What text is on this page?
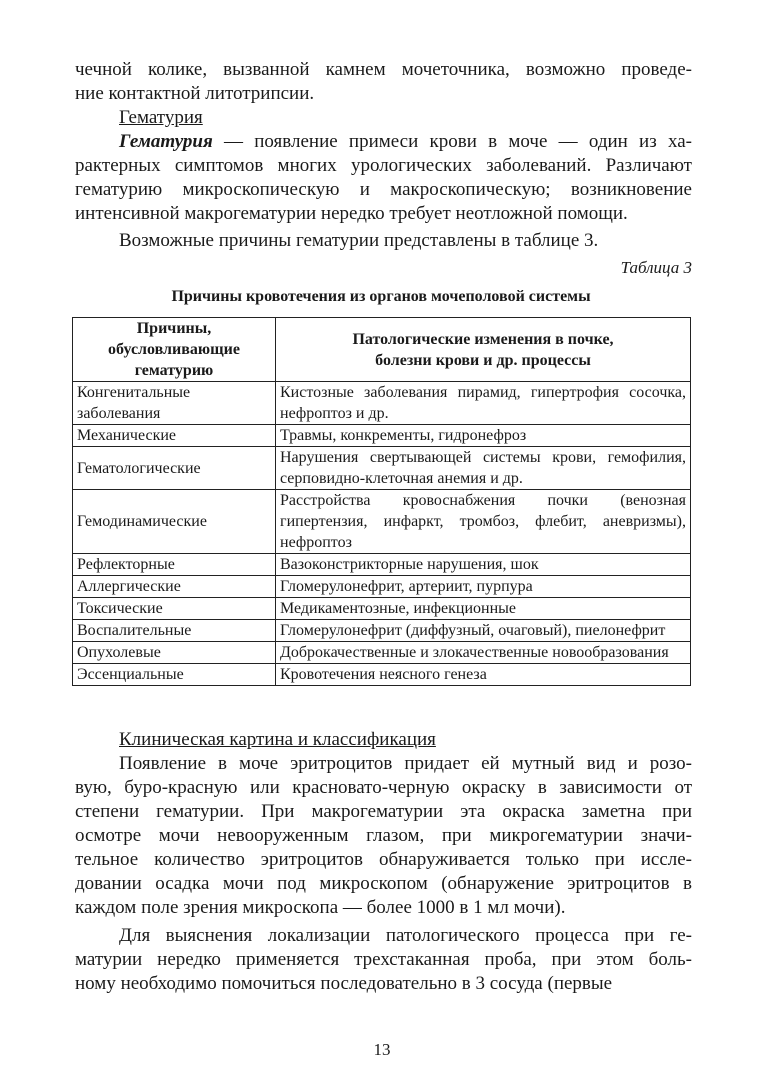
чечной колике, вызванной камнем мочеточника, возможно проведе-
ние контактной литотрипсии.
Гематурия
Гематурия — появление примеси крови в моче — один из ха-
рактерных симптомов многих урологических заболеваний. Различают
гематурию микроскопическую и макроскопическую; возникновение
интенсивной макрогематурии нередко требует неотложной помощи.
Возможные причины гематурии представлены в таблице 3.
Таблица 3
Причины кровотечения из органов мочеполовой системы
Причины, обусловливающие гематурию	Патологические изменения в почке, болезни крови и др. процессы
Конгенитальные заболевания	Кистозные заболевания пирамид, гипертрофия сосочка, нефроптоз и др.
Механические	Травмы, конкременты, гидронефроз
Гематологические	Нарушения свертывающей системы крови, гемофилия, серповидно-клеточная анемия и др.
Гемодинамические	Расстройства кровоснабжения почки (венозная гипертензия, инфаркт, тромбоз, флебит, аневризмы), нефроптоз
Рефлекторные	Вазоконстрикторные нарушения, шок
Аллергические	Гломерулонефрит, артериит, пурпура
Токсические	Медикаментозные, инфекционные
Воспалительные	Гломерулонефрит (диффузный, очаговый), пиелонефрит
Опухолевые	Доброкачественные и злокачественные новообразования
Эссенциальные	Кровотечения неясного генеза
Клиническая картина и классификация
Появление в моче эритроцитов придает ей мутный вид и розо-
вую, буро-красную или красновато-черную окраску в зависимости от
степени гематурии. При макрогематурии эта окраска заметна при
осмотре мочи невооруженным глазом, при микрогематурии значи-
тельное количество эритроцитов обнаруживается только при иссле-
довании осадка мочи под микроскопом (обнаружение эритроцитов в
каждом поле зрения микроскопа — более 1000 в 1 мл мочи).
Для выяснения локализации патологического процесса при ге-
матурии нередко применяется трехстаканная проба, при этом боль-
ному необходимо помочиться последовательно в 3 сосуда (первые
13
